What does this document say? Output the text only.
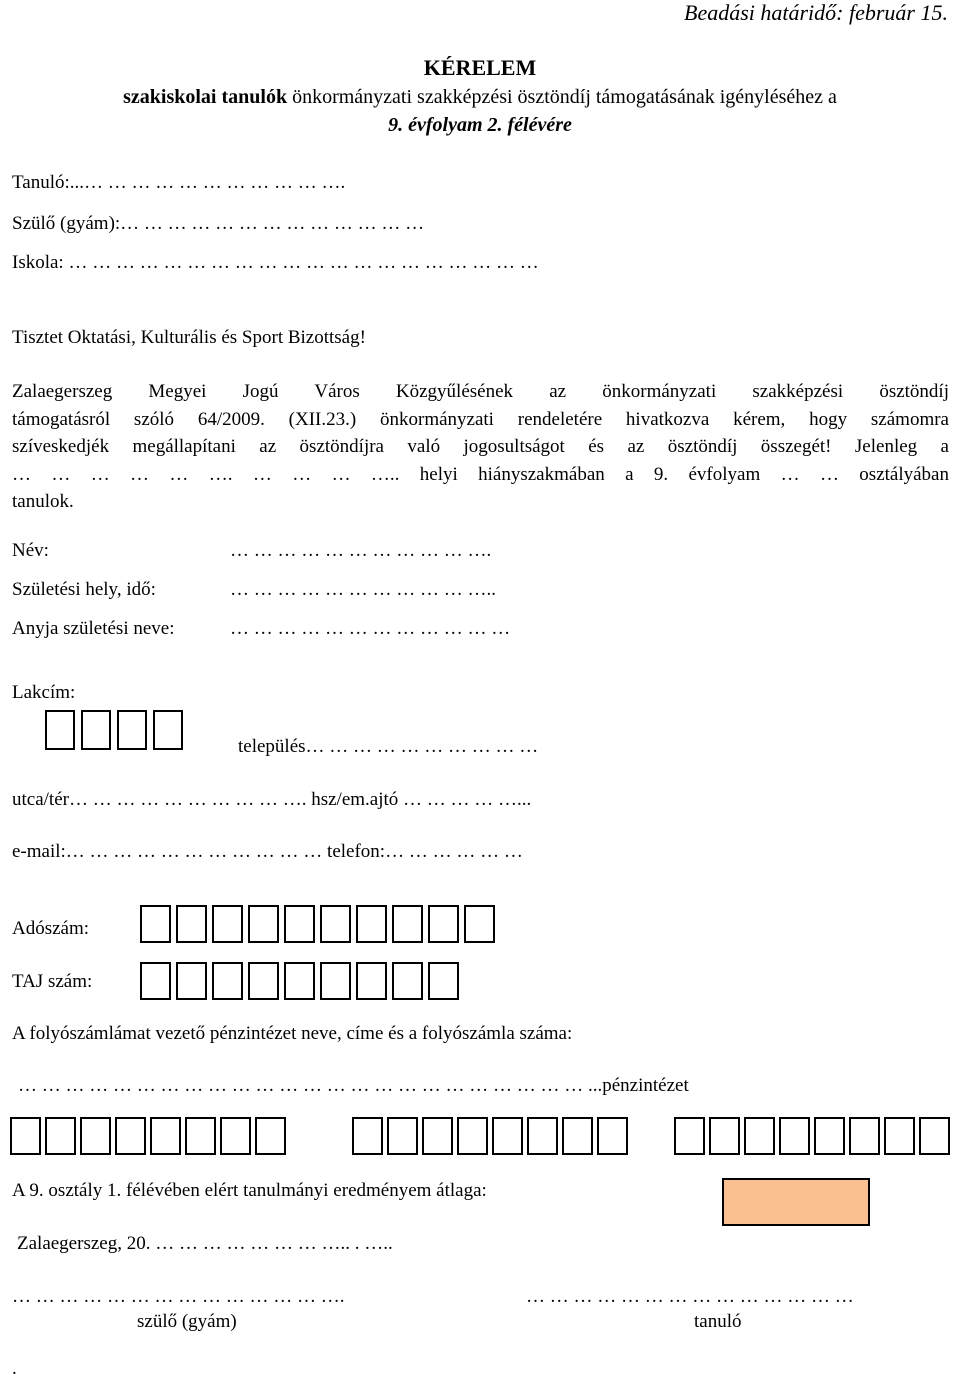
Beadási határidő: február 15.
KÉRELEM
szakiskolai tanulók önkormányzati szakképzési ösztöndíj támogatásának igényléséhez a
9. évfolyam 2. félévére
Tanuló:...… … … … … … … … … … ….
Szülő (gyám):… … … … … … … … … … … … …
Iskola: … … … … … … … … … … … … … … … … … … … …
Tisztet Oktatási, Kulturális és Sport Bizottság!
Zalaegerszeg Megyei Jogú Város Közgyűlésének az önkormányzati szakképzési ösztöndíj
támogatásról szóló 64/2009. (XII.23.) önkormányzati rendeletére hivatkozva kérem, hogy számomra
szíveskedjék megállapítani az ösztöndíjra való jogosultságot és az ösztöndíj összegét! Jelenleg a
… … … … … …. … … … ….. helyi hiányszakmában a 9. évfolyam … … osztályában
tanulok.
Név:	… … … … … … … … … … ….
Születési hely, idő:	… … … … … … … … … … …..
Anyja születési neve:	… … … … … … … … … … … …
Lakcím:
település… … … … … … … … … …
utca/tér… … … … … … … … … …. hsz/em.ajtó … … … … …...
e-mail:… … … … … … … … … … … telefon:… … … … … …
Adószám:
TAJ szám:
A folyószámlámat vezető pénzintézet neve, címe és a folyószámla száma:
… … … … … … … … … … … … … … … … … … … … … … … … ...pénzintézet
A 9. osztály 1. félévében elért tanulmányi eredményem átlaga:
Zalaegerszeg, 20. … … … … … … … ….. . …..
… … … … … … … … … … … … … ….
szülő (gyám)
… … … … … … … … … … … … … …
tanuló
.
